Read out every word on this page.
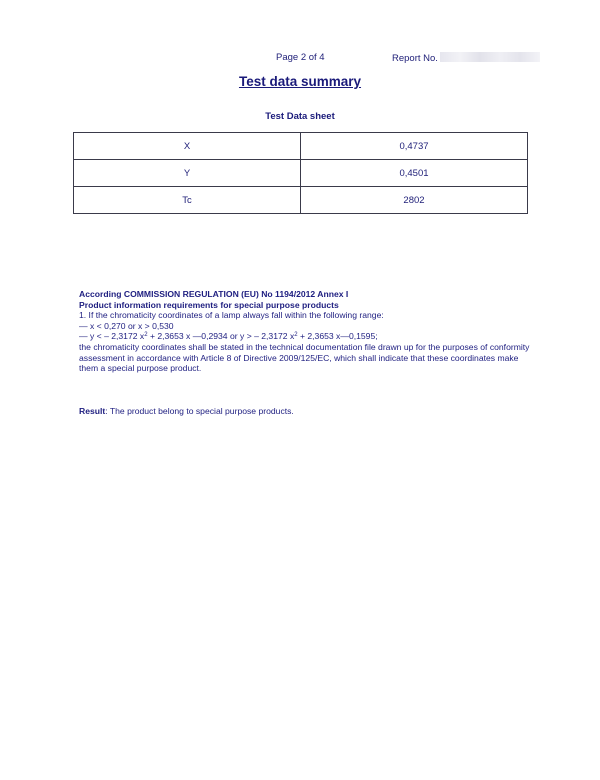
Page 2 of 4	Report No.
Test data summary
Test Data sheet
X	0,4737
Y	0,4501
Tc	2802
According COMMISSION REGULATION (EU) No 1194/2012 Annex I
Product information requirements for special purpose products
1. If the chromaticity coordinates of a lamp always fall within the following range:
— x < 0,270 or x > 0,530
— y < – 2,3172 $x^2 + 2,3653$ x —0,2934 or y > – 2,3172 $x^2 + 2,3653$ x—0,1595;
the chromaticity coordinates shall be stated in the technical documentation file drawn up for the purposes of conformity assessment in accordance with Article 8 of Directive 2009/125/EC, which shall indicate that these coordinates make them a special purpose product.
Result: The product belong to special purpose products.
